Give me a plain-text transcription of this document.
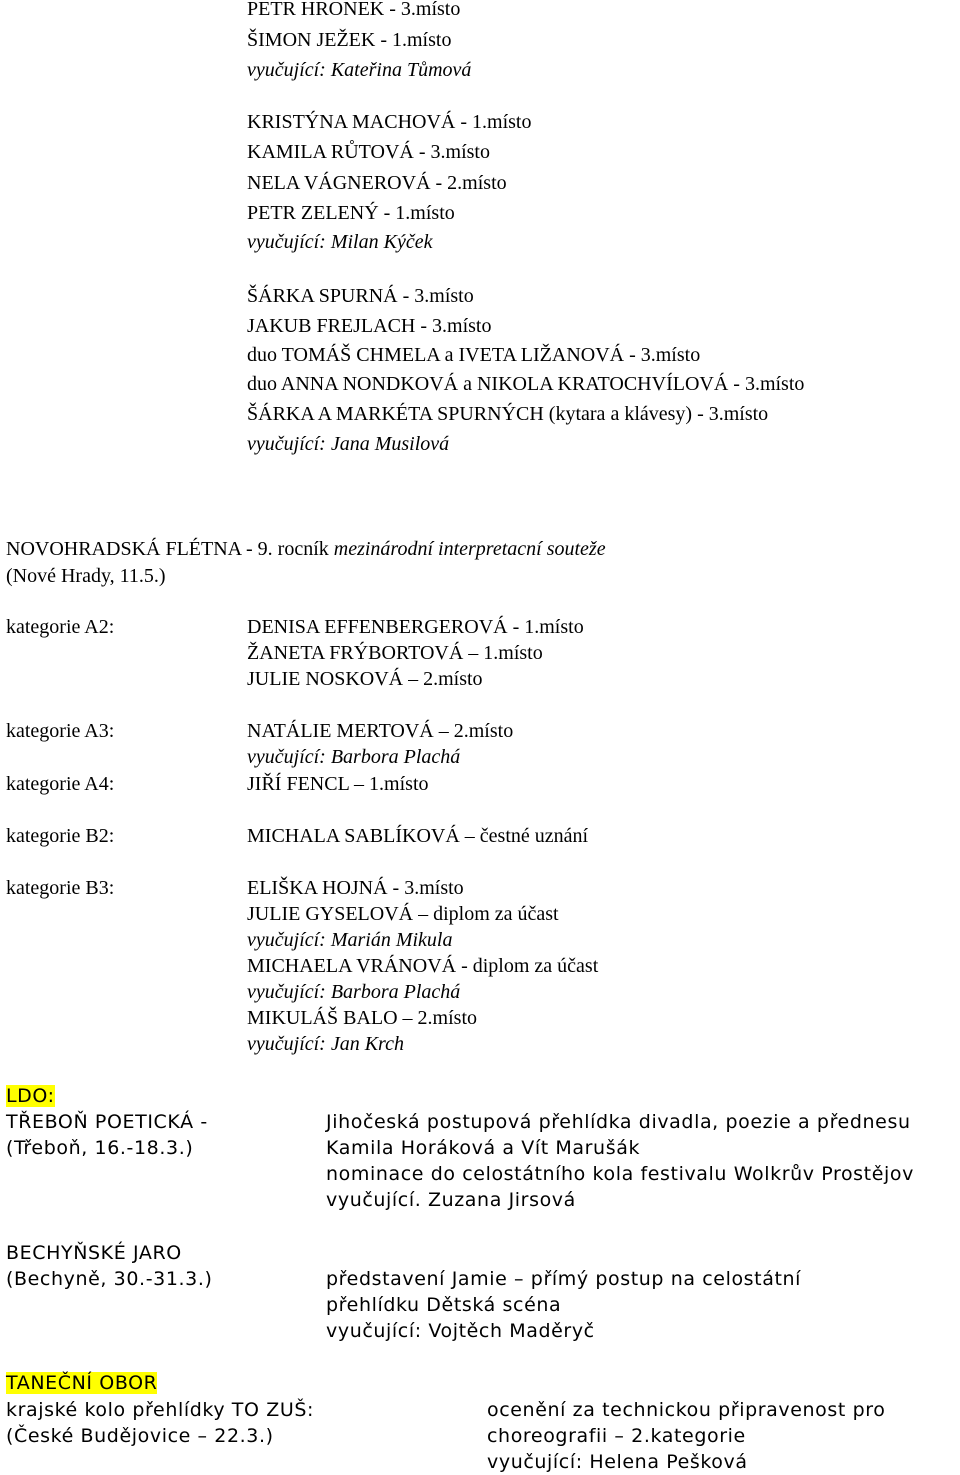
PETR HRONEK - 3.místo
ŠIMON JEŽEK - 1.místo
vyučující: Kateřina Tůmová
KRISTÝNA MACHOVÁ - 1.místo
KAMILA RŮTOVÁ - 3.místo
NELA VÁGNEROVÁ - 2.místo
PETR ZELENÝ - 1.místo
vyučující: Milan Kýček
ŠÁRKA SPURNÁ - 3.místo
JAKUB FREJLACH - 3.místo
duo TOMÁŠ CHMELA a IVETA LIŽANOVÁ - 3.místo
duo ANNA NONDKOVÁ a NIKOLA KRATOCHVÍLOVÁ - 3.místo
ŠÁRKA A MARKÉTA SPURNÝCH (kytara a klávesy) - 3.místo
vyučující: Jana Musilová
NOVOHRADSKÁ FLÉTNA - 9. rocník mezinárodní interpretacní souteže
(Nové Hrady, 11.5.)
kategorie A2:
kategorie A3:
kategorie A4:
kategorie B2:
kategorie B3:
DENISA EFFENBERGEROVÁ - 1.místo
ŽANETA FRÝBORTOVÁ – 1.místo
JULIE NOSKOVÁ – 2.místo
NATÁLIE MERTOVÁ – 2.místo
vyučující: Barbora Plachá
JIŘÍ FENCL – 1.místo
MICHALA SABLÍKOVÁ – čestné uznání
ELIŠKA HOJNÁ - 3.místo
JULIE GYSELOVÁ – diplom za účast
vyučující: Marián Mikula
MICHAELA VRÁNOVÁ - diplom za účast
vyučující: Barbora Plachá
MIKULÁŠ BALO – 2.místo
vyučující: Jan Krch
LDO:
TŘEBOŇ POETICKÁ -
(Třeboň, 16.-18.3.)
Jihočeská postupová přehlídka divadla, poezie a přednesu
Kamila Horáková a Vít Marušák
nominace do celostátního kola festivalu Wolkrův Prostějov
vyučující. Zuzana Jirsová
BECHYŇSKÉ JARO
(Bechyně, 30.-31.3.)	představení Jamie – přímý postup na celostátní
přehlídku Dětská scéna
vyučující: Vojtěch Maděryč
TANEČNÍ OBOR
krajské kolo přehlídky TO ZUŠ:
(České Budějovice – 22.3.)
ocenění za technickou připravenost pro
choreografii – 2.kategorie
vyučující: Helena Pešková
